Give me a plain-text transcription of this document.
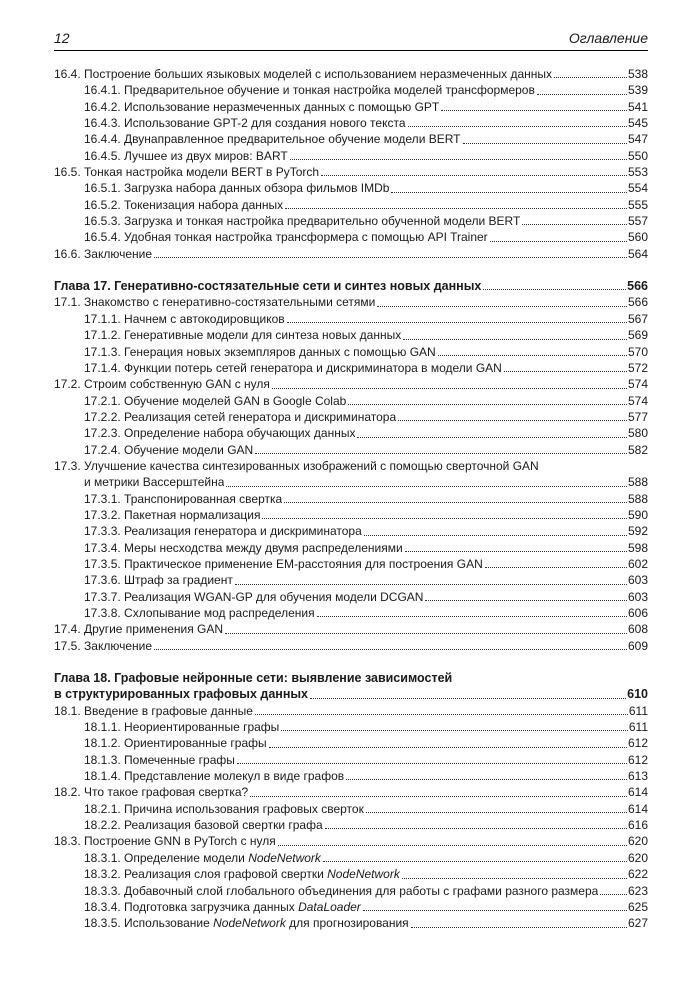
12	Оглавление
16.4. Построение больших языковых моделей с использованием неразмеченных данных	538
16.4.1. Предварительное обучение и тонкая настройка моделей трансформеров	539
16.4.2. Использование неразмеченных данных с помощью GPT	541
16.4.3. Использование GPT-2 для создания нового текста	545
16.4.4. Двунаправленное предварительное обучение модели BERT	547
16.4.5. Лучшее из двух миров: BART	550
16.5. Тонкая настройка модели BERT в PyTorch	553
16.5.1. Загрузка набора данных обзора фильмов IMDb	554
16.5.2. Токенизация набора данных	555
16.5.3. Загрузка и тонкая настройка предварительно обученной модели BERT	557
16.5.4. Удобная тонкая настройка трансформера с помощью API Trainer	560
16.6. Заключение	564
Глава 17. Генеративно-состязательные сети и синтез новых данных	566
17.1. Знакомство с генеративно-состязательными сетями	566
17.1.1. Начнем с автокодировщиков	567
17.1.2. Генеративные модели для синтеза новых данных	569
17.1.3. Генерация новых экземпляров данных с помощью GAN	570
17.1.4. Функции потерь сетей генератора и дискриминатора в модели GAN	572
17.2. Строим собственную GAN с нуля	574
17.2.1. Обучение моделей GAN в Google Colab	574
17.2.2. Реализация сетей генератора и дискриминатора	577
17.2.3. Определение набора обучающих данных	580
17.2.4. Обучение модели GAN	582
17.3. Улучшение качества синтезированных изображений с помощью сверточной GAN
и метрики Вассерштейна	588
17.3.1. Транспонированная свертка	588
17.3.2. Пакетная нормализация	590
17.3.3. Реализация генератора и дискриминатора	592
17.3.4. Меры несходства между двумя распределениями	598
17.3.5. Практическое применение EM-расстояния для построения GAN	602
17.3.6. Штраф за градиент	603
17.3.7. Реализация WGAN-GP для обучения модели DCGAN	603
17.3.8. Схлопывание мод распределения	606
17.4. Другие применения GAN	608
17.5. Заключение	609
Глава 18. Графовые нейронные сети: выявление зависимостей
в структурированных графовых данных	610
18.1. Введение в графовые данные	611
18.1.1. Неориентированные графы	611
18.1.2. Ориентированные графы	612
18.1.3. Помеченные графы	612
18.1.4. Представление молекул в виде графов	613
18.2. Что такое графовая свертка?	614
18.2.1. Причина использования графовых сверток	614
18.2.2. Реализация базовой свертки графа	616
18.3. Построение GNN в PyTorch с нуля	620
18.3.1. Определение модели NodeNetwork	620
18.3.2. Реализация слоя графовой свертки NodeNetwork	622
18.3.3. Добавочный слой глобального объединения для работы с графами разного размера 623
18.3.4. Подготовка загрузчика данных DataLoader	625
18.3.5. Использование NodeNetwork для прогнозирования	627
